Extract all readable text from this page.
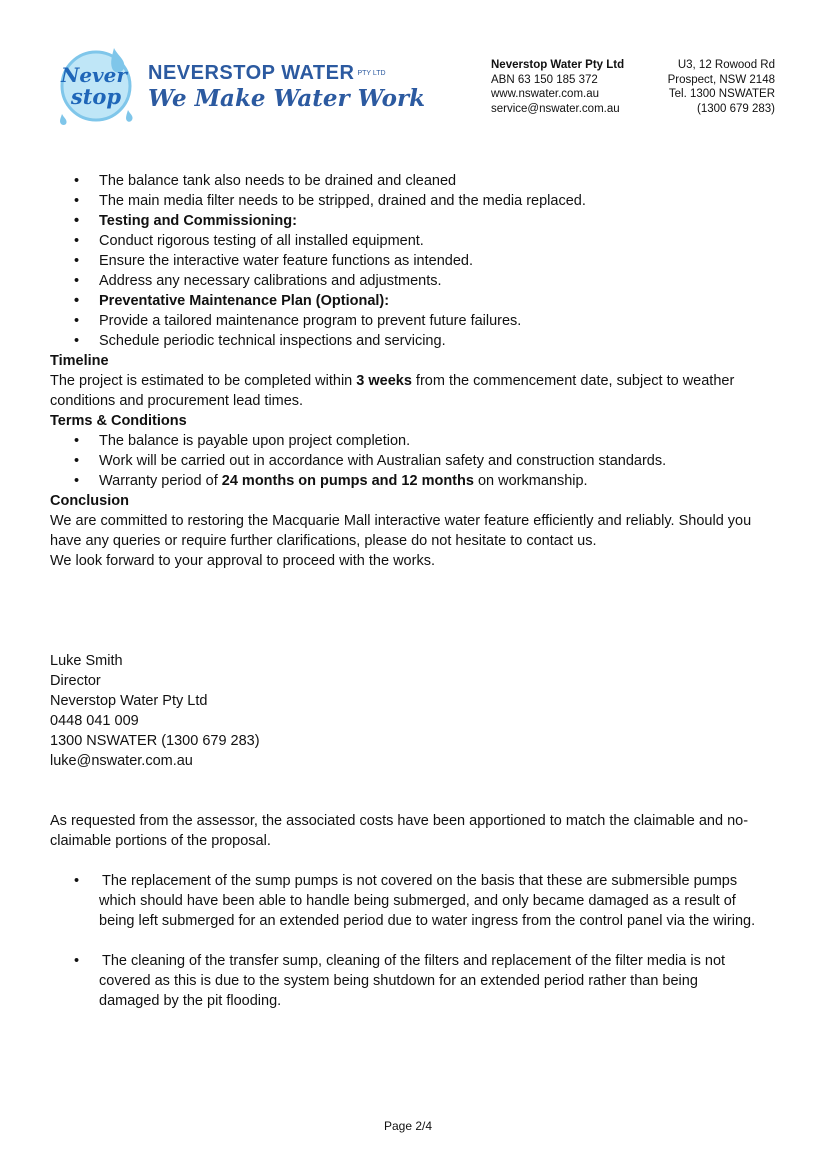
Never
stop
NEVERSTOP WATER PTY LTD
We Make Water Work
Neverstop Water Pty Ltd
ABN 63 150 185 372
www.nswater.com.au
service@nswater.com.au
U3, 12 Rowood Rd
Prospect, NSW 2148
Tel. 1300 NSWATER
(1300 679 283)
• The balance tank also needs to be drained and cleaned
• The main media filter needs to be stripped, drained and the media replaced.
• Testing and Commissioning:
• Conduct rigorous testing of all installed equipment.
• Ensure the interactive water feature functions as intended.
• Address any necessary calibrations and adjustments.
• Preventative Maintenance Plan (Optional):
• Provide a tailored maintenance program to prevent future failures.
• Schedule periodic technical inspections and servicing.
Timeline

The project is estimated to be completed within 3 weeks from the commencement date, subject to weather conditions and procurement lead times.

Terms & Conditions
• The balance is payable upon project completion.
• Work will be carried out in accordance with Australian safety and construction standards.
• Warranty period of 24 months on pumps and 12 months on workmanship.
Conclusion

We are committed to restoring the Macquarie Mall interactive water feature efficiently and reliably. Should you have any queries or require further clarifications, please do not hesitate to contact us.

We look forward to your approval to proceed with the works.

Luke Smith
Director
Neverstop Water Pty Ltd
0448 041 009
1300 NSWATER (1300 679 283)
luke@nswater.com.au

As requested from the assessor, the associated costs have been apportioned to match the claimable and no-claimable portions of the proposal.

• The replacement of the sump pumps is not covered on the basis that these are submersible pumps which should have been able to handle being submerged, and only became damaged as a result of being left submerged for an extended period due to water ingress from the control panel via the wiring.
• The cleaning of the transfer sump, cleaning of the filters and replacement of the filter media is not covered as this is due to the system being shutdown for an extended period rather than being damaged by the pit flooding.
Page 2/4
